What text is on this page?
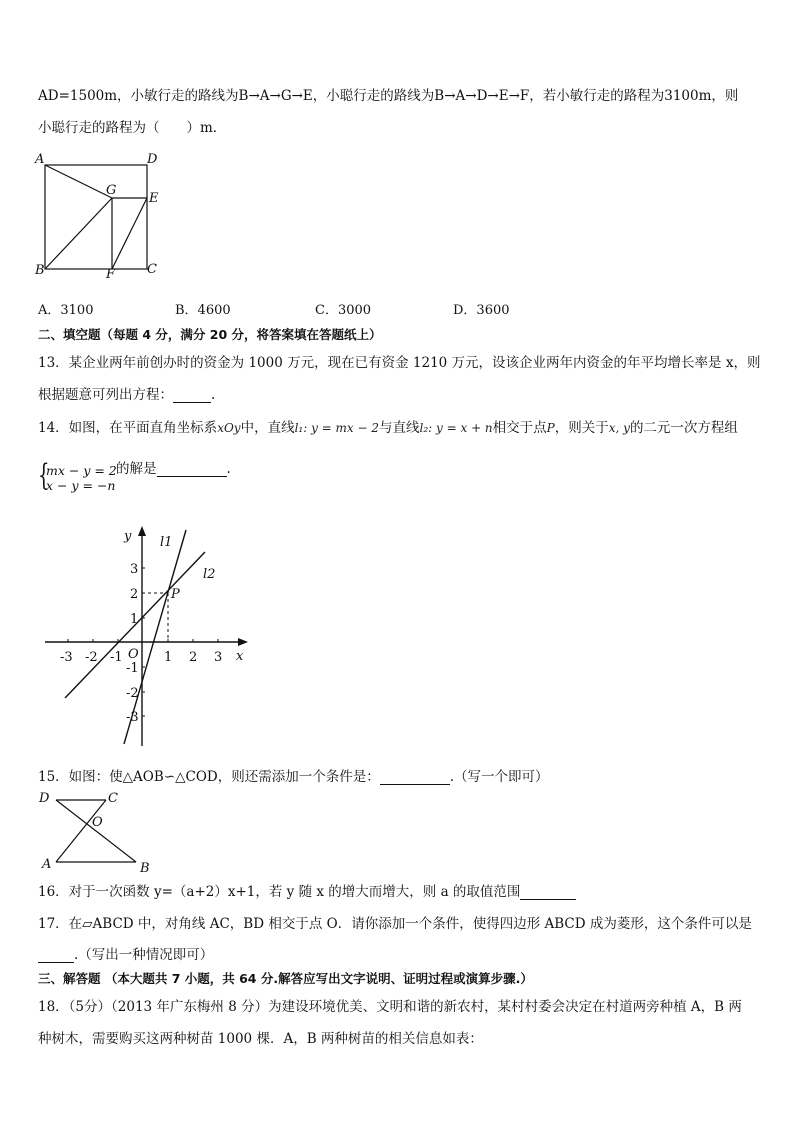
AD=1500m，小敏行走的路线为B→A→G→E，小聪行走的路线为B→A→D→E→F，若小敏行走的路程为3100m，则
小聪行走的路程为（　　）m．
A	D
G
E
B	F C
A．3100	B．4600	C．3000	D．3600
二、填空题（每题 4 分，满分 20 分，将答案填在答题纸上）
13．某企业两年前创办时的资金为 1000 万元，现在已有资金 1210 万元，设该企业两年内资金的年平均增长率是 x，则
根据题意可列出方程：	.
14．如图，在平面直角坐标系xOy中，直线l₁: y = mx − 2与直线l₂: y = x + n相交于点P，则关于x, y的二元一次方程组
{
mx − y = 2
x − y = −n
的解是	.
y
x
O
l1
l2
P
-3 -2 -1	1 2 3
3
2
1
-1
-2
-3
15．如图：使△AOB∽△COD，则还需添加一个条件是：	.（写一个即可）
D	C
O
A	B
16．对于一次函数 y=（a+2）x+1，若 y 随 x 的增大而增大，则 a 的取值范围
17．在▱ABCD 中，对角线 AC，BD 相交于点 O．请你添加一个条件，使得四边形 ABCD 成为菱形，这个条件可以是
.（写出一种情况即可）
三、解答题 （本大题共 7 小题，共 64 分.解答应写出文字说明、证明过程或演算步骤.）
18．（5分）（2013 年广东梅州 8 分）为建设环境优美、文明和谐的新农村，某村村委会决定在村道两旁种植 A，B 两
种树木，需要购买这两种树苗 1000 棵．A，B 两种树苗的相关信息如表：
